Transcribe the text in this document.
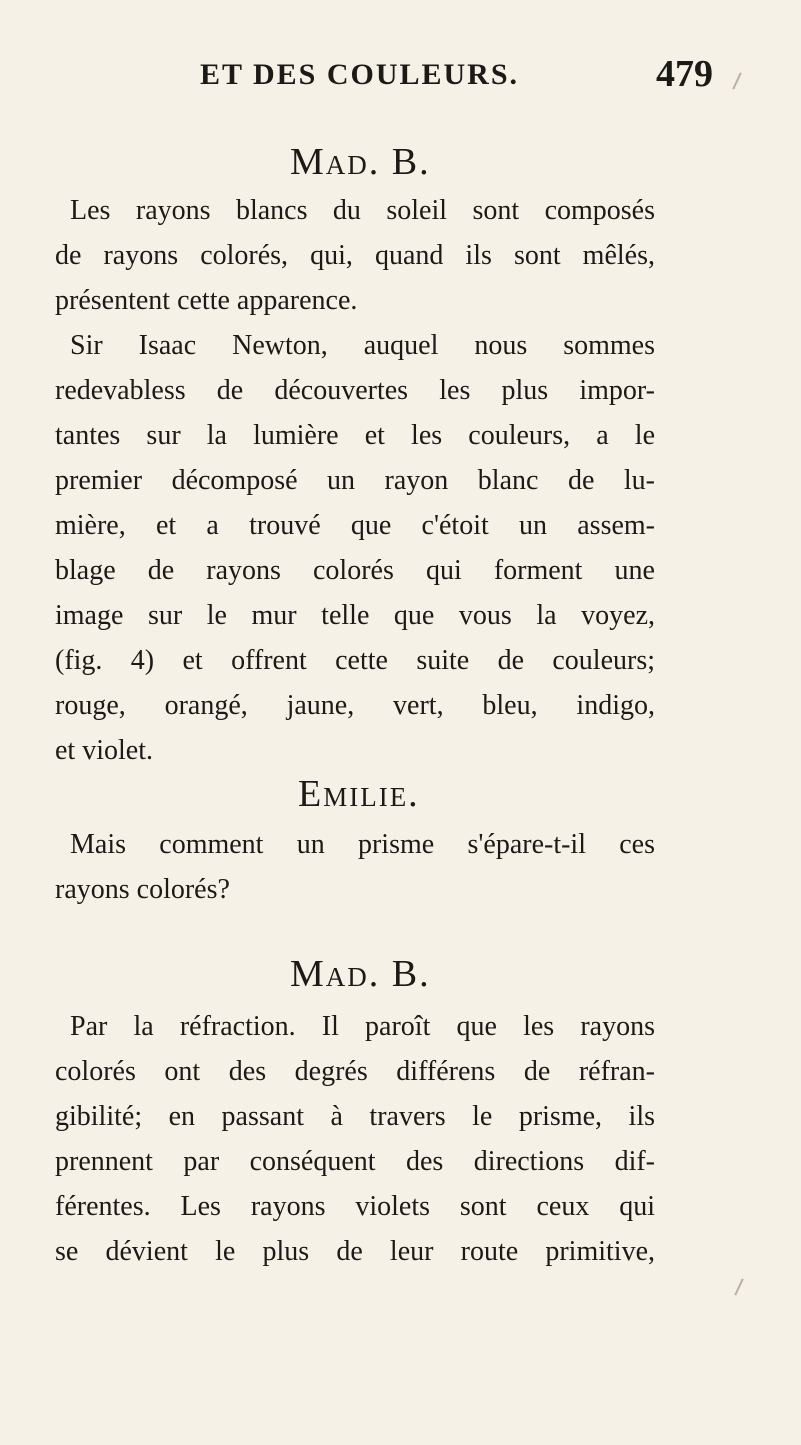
ET DES COULEURS.	479
Mad. B.
Les rayons blancs du soleil sont composés
de rayons colorés, qui, quand ils sont mêlés,
présentent cette apparence.
Sir Isaac Newton, auquel nous sommes
redevabless de découvertes les plus impor-
tantes sur la lumière et les couleurs, a le
premier décomposé un rayon blanc de lu-
mière, et a trouvé que c'étoit un assem-
blage de rayons colorés qui forment une
image sur le mur telle que vous la voyez,
(fig. 4) et offrent cette suite de couleurs;
rouge, orangé, jaune, vert, bleu, indigo,
et violet.
Emilie.
Mais comment un prisme s'épare-t-il ces
rayons colorés?
Mad. B.
Par la réfraction. Il paroît que les rayons
colorés ont des degrés différens de réfran-
gibilité; en passant à travers le prisme, ils
prennent par conséquent des directions dif-
férentes. Les rayons violets sont ceux qui
se dévient le plus de leur route primitive,
